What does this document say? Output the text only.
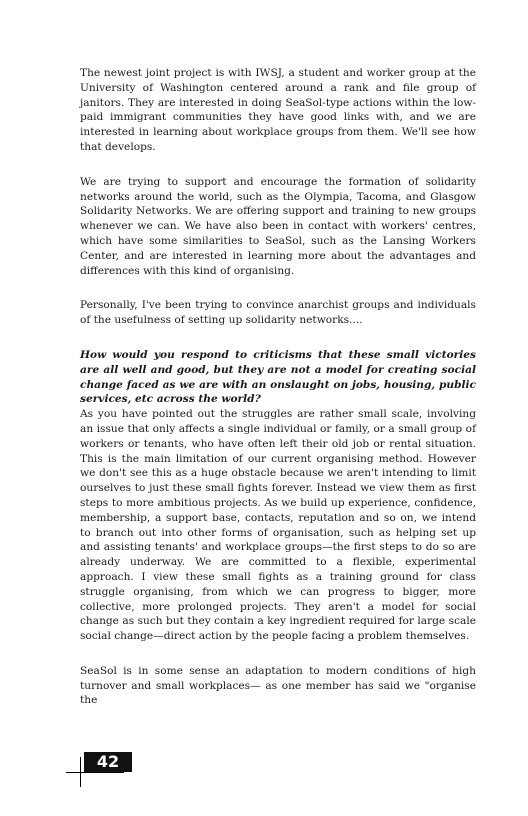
The newest joint project is with IWSJ, a student and worker group at the University of Washington centered around a rank and file group of janitors. They are interested in doing SeaSol-type actions within the low-paid immigrant communities they have good links with, and we are interested in learning about workplace groups from them. We'll see how that develops.

We are trying to support and encourage the formation of solidarity networks around the world, such as the Olympia, Tacoma, and Glasgow Solidarity Networks. We are offering support and training to new groups whenever we can. We have also been in contact with workers' centres, which have some similarities to SeaSol, such as the Lansing Workers Center, and are interested in learning more about the advantages and differences with this kind of organising.

Personally, I've been trying to convince anarchist groups and individuals of the usefulness of setting up solidarity networks....

How would you respond to criticisms that these small victories are all well and good, but they are not a model for creating social change faced as we are with an onslaught on jobs, housing, public services, etc across the world?

As you have pointed out the struggles are rather small scale, involving an issue that only affects a single individual or family, or a small group of workers or tenants, who have often left their old job or rental situation. This is the main limitation of our current organising method. However we don't see this as a huge obstacle because we aren't intending to limit ourselves to just these small fights forever. Instead we view them as first steps to more ambitious projects. As we build up experience, confidence, membership, a support base, contacts, reputation and so on, we intend to branch out into other forms of organisation, such as helping set up and assisting tenants' and workplace groups—the first steps to do so are already underway. We are committed to a flexible, experimental approach. I view these small fights as a training ground for class struggle organising, from which we can progress to bigger, more collective, more prolonged projects. They aren't a model for social change as such but they contain a key ingredient required for large scale social change—direct action by the people facing a problem themselves.

SeaSol is in some sense an adaptation to modern conditions of high turnover and small workplaces— as one member has said we "organise the

42
